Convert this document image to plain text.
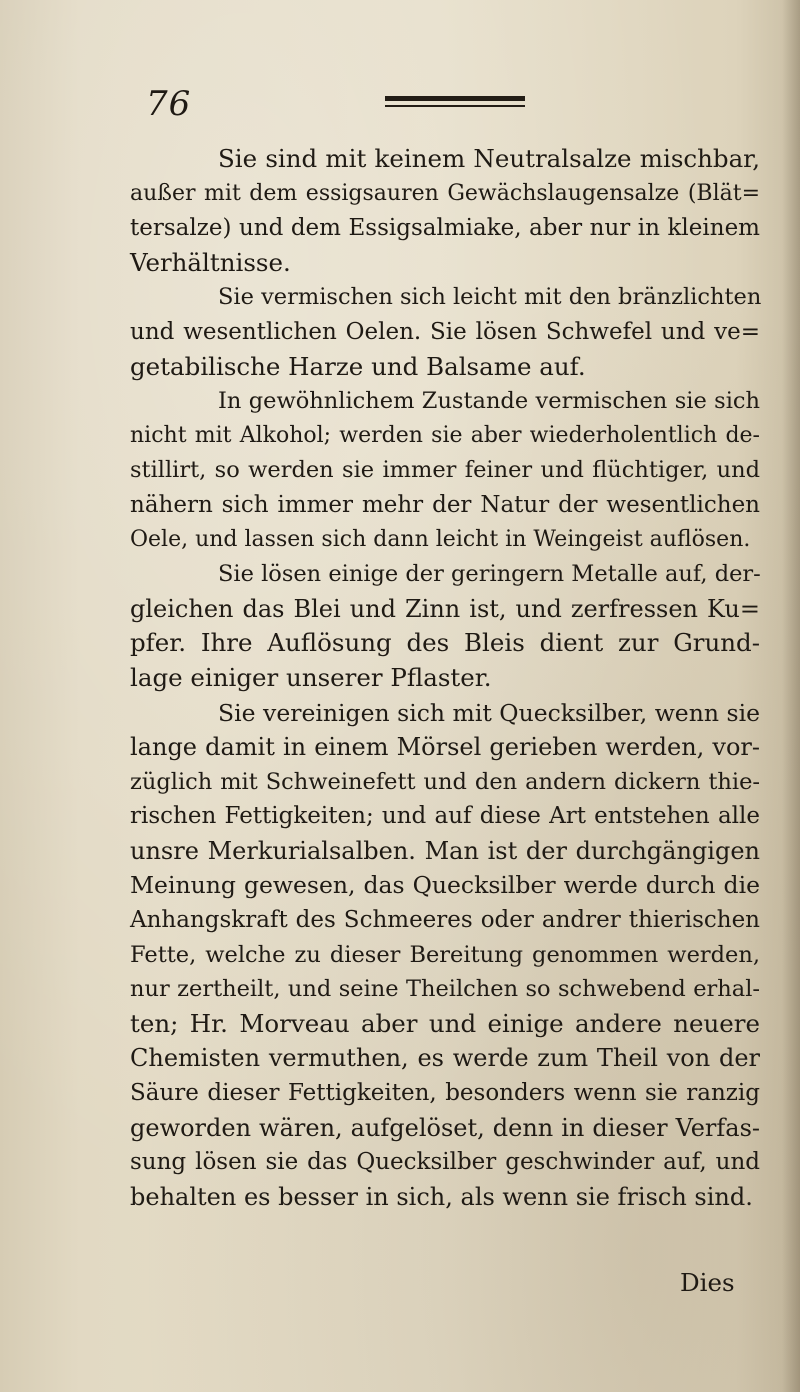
76
Sie sind mit keinem Neutralsalze mischbar,
außer mit dem essigsauren Gewächslaugensalze (Blät=
tersalze) und dem Essigsalmiake, aber nur in kleinem
Verhältnisse.
Sie vermischen sich leicht mit den bränzlichten
und wesentlichen Oelen. Sie lösen Schwefel und ve=
getabilische Harze und Balsame auf.
In gewöhnlichem Zustande vermischen sie sich
nicht mit Alkohol; werden sie aber wiederholentlich de-
stillirt, so werden sie immer feiner und flüchtiger, und
nähern sich immer mehr der Natur der wesentlichen
Oele, und lassen sich dann leicht in Weingeist auflösen.
Sie lösen einige der geringern Metalle auf, der-
gleichen das Blei und Zinn ist, und zerfressen Ku=
pfer. Ihre Auflösung des Bleis dient zur Grund-
lage einiger unserer Pflaster.
Sie vereinigen sich mit Quecksilber, wenn sie
lange damit in einem Mörsel gerieben werden, vor-
züglich mit Schweinefett und den andern dickern thie-
rischen Fettigkeiten; und auf diese Art entstehen alle
unsre Merkurialsalben. Man ist der durchgängigen
Meinung gewesen, das Quecksilber werde durch die
Anhangskraft des Schmeeres oder andrer thierischen
Fette, welche zu dieser Bereitung genommen werden,
nur zertheilt, und seine Theilchen so schwebend erhal-
ten; Hr. Morveau aber und einige andere neuere
Chemisten vermuthen, es werde zum Theil von der
Säure dieser Fettigkeiten, besonders wenn sie ranzig
geworden wären, aufgelöset, denn in dieser Verfas-
sung lösen sie das Quecksilber geschwinder auf, und
behalten es besser in sich, als wenn sie frisch sind.
Dies
